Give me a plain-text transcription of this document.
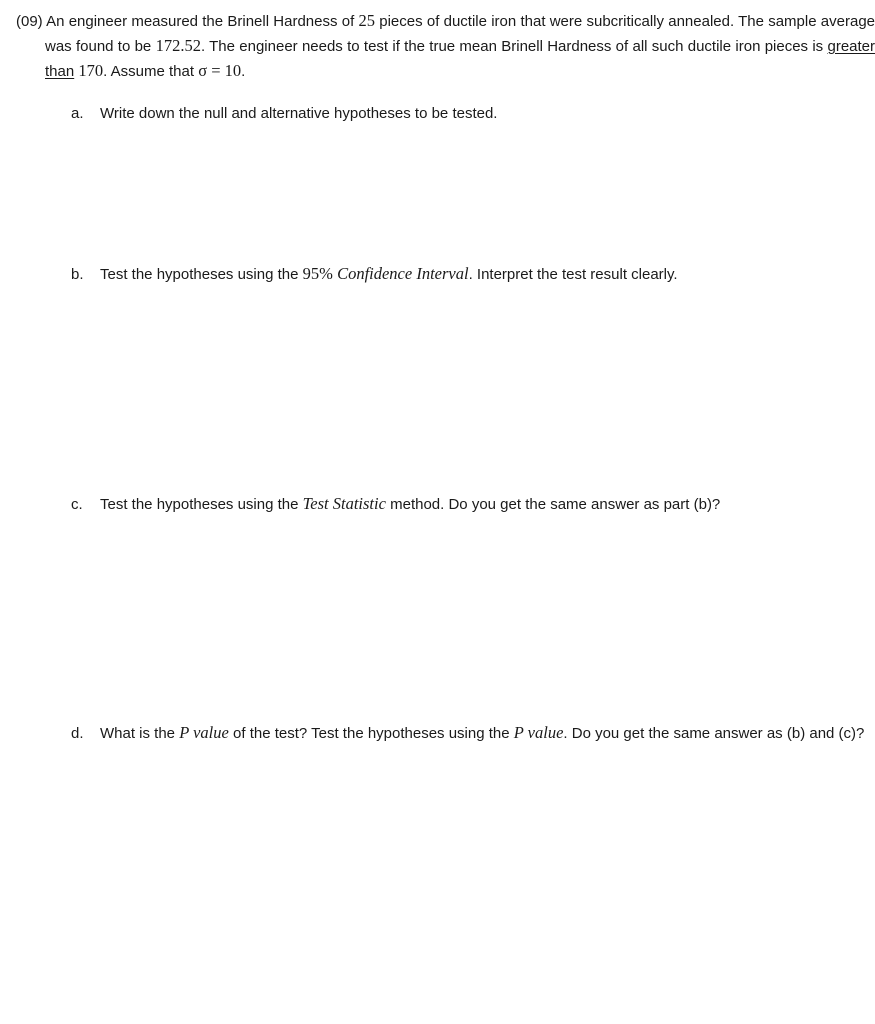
(09) An engineer measured the Brinell Hardness of 25 pieces of ductile iron that were subcritically annealed. The sample average was found to be 172.52. The engineer needs to test if the true mean Brinell Hardness of all such ductile iron pieces is greater than 170. Assume that σ = 10.
a. Write down the null and alternative hypotheses to be tested.
b. Test the hypotheses using the 95% Confidence Interval. Interpret the test result clearly.
c. Test the hypotheses using the Test Statistic method. Do you get the same answer as part (b)?
d. What is the P value of the test? Test the hypotheses using the P value. Do you get the same answer as (b) and (c)?
